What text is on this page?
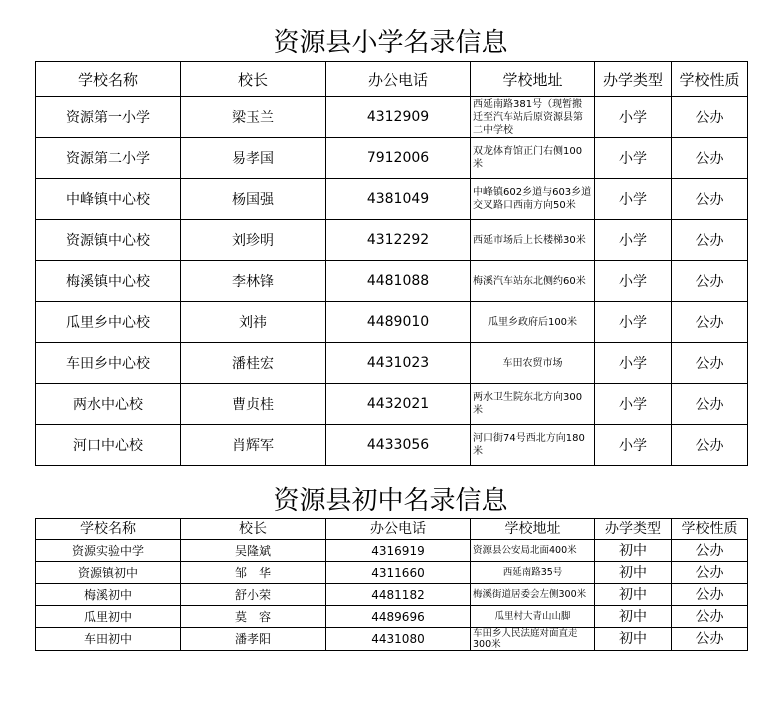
资源县小学名录信息
学校名称	校长	办公电话	学校地址	办学类型	学校性质
资源第一小学	梁玉兰	4312909	西延南路381号（现暂搬迁至汽车站后原资源县第二中学校	小学	公办
资源第二小学	易孝国	7912006	双龙体育馆正门右侧100米	小学	公办
中峰镇中心校	杨国强	4381049	中峰镇602乡道与603乡道交叉路口西南方向50米	小学	公办
资源镇中心校	刘珍明	4312292	西延市场后上长楼梯30米	小学	公办
梅溪镇中心校	李林锋	4481088	梅溪汽车站东北侧约60米	小学	公办
瓜里乡中心校	刘祎	4489010	瓜里乡政府后100米	小学	公办
车田乡中心校	潘桂宏	4431023	车田农贸市场	小学	公办
两水中心校	曹贞桂	4432021	两水卫生院东北方向300米	小学	公办
河口中心校	肖辉军	4433056	河口街74号西北方向180米	小学	公办
资源县初中名录信息
学校名称	校长	办公电话	学校地址	办学类型	学校性质
资源实验中学	吴隆斌	4316919	资源县公安局北面400米	初中	公办
资源镇初中	邹　华	4311660	西延南路35号	初中	公办
梅溪初中	舒小荣	4481182	梅溪街道居委会左侧300米	初中	公办
瓜里初中	莫　容	4489696	瓜里村大青山山脚	初中	公办
车田初中	潘孝阳	4431080	车田乡人民法庭对面直走300米	初中	公办
